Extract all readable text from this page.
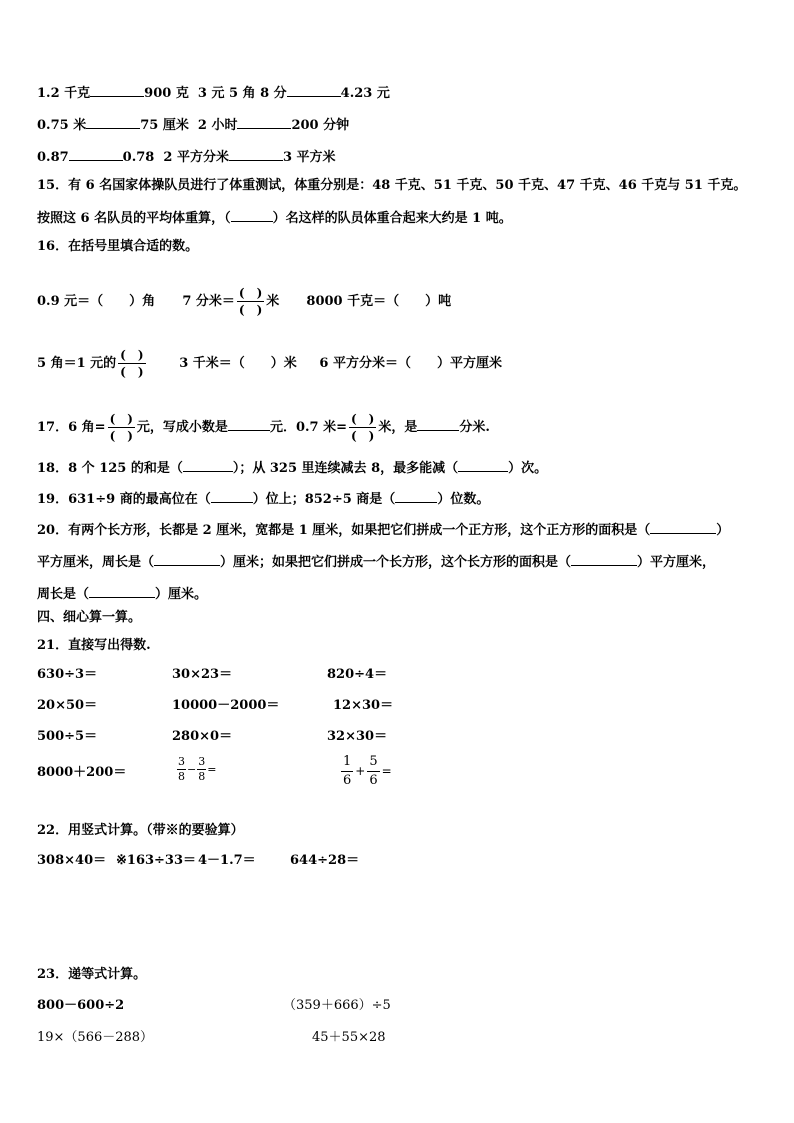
1.2 千克	900 克 3 元 5 角 8 分	4.23 元
0.75 米	75 厘米 2 小时	200 分钟
0.87	0.78 2 平方分米	3 平方米
15．有 6 名国家体操队员进行了体重测试，体重分别是：48 千克、51 千克、50 千克、47 千克、46 千克与 51 千克。
按照这 6 名队员的平均体重算，（	）名这样的队员体重合起来大约是 1 吨。
16．在括号里填合适的数。
0.9 元＝（　　）角 7 分米＝ $\frac{( )}{( )}$ 米 8000 千克＝（　　）吨
5 角＝1 元的 $\frac{( )}{( )}$	3 千米＝（　　）米 6 平方分米＝（　　）平方厘米
17．6 角= $\frac{( )}{( )}$ 元，写成小数是	元．0.7 米= $\frac{( )}{( )}$ 米，是	分米.
18．8 个 125 的和是（	）；从 325 里连续减去 8，最多能减（	）次。
19．631÷9 商的最高位在（	）位上；852÷5 商是（	）位数。
20．有两个长方形，长都是 2 厘米，宽都是 1 厘米，如果把它们拼成一个正方形，这个正方形的面积是（	）
平方厘米，周长是（	）厘米；如果把它们拼成一个长方形，这个长方形的面积是（	）平方厘米，
周长是（	）厘米。
四、细心算一算。
21．直接写出得数.
630÷3＝	30×23＝	820÷4＝
20×50＝	10000－2000＝	12×30＝
500÷5＝	280×0＝	32×30＝
8000＋200＝	$\frac{3}{8} - \frac{3}{8}$ =	$\frac{1}{6} + \frac{5}{6}$ =
22．用竖式计算。（带※的要验算）
308×40＝ ※163÷33＝ 4－1.7＝	644÷28＝
23．递等式计算。
800－600÷2	（359＋666）÷5
19×（566－288）	45＋55×28
